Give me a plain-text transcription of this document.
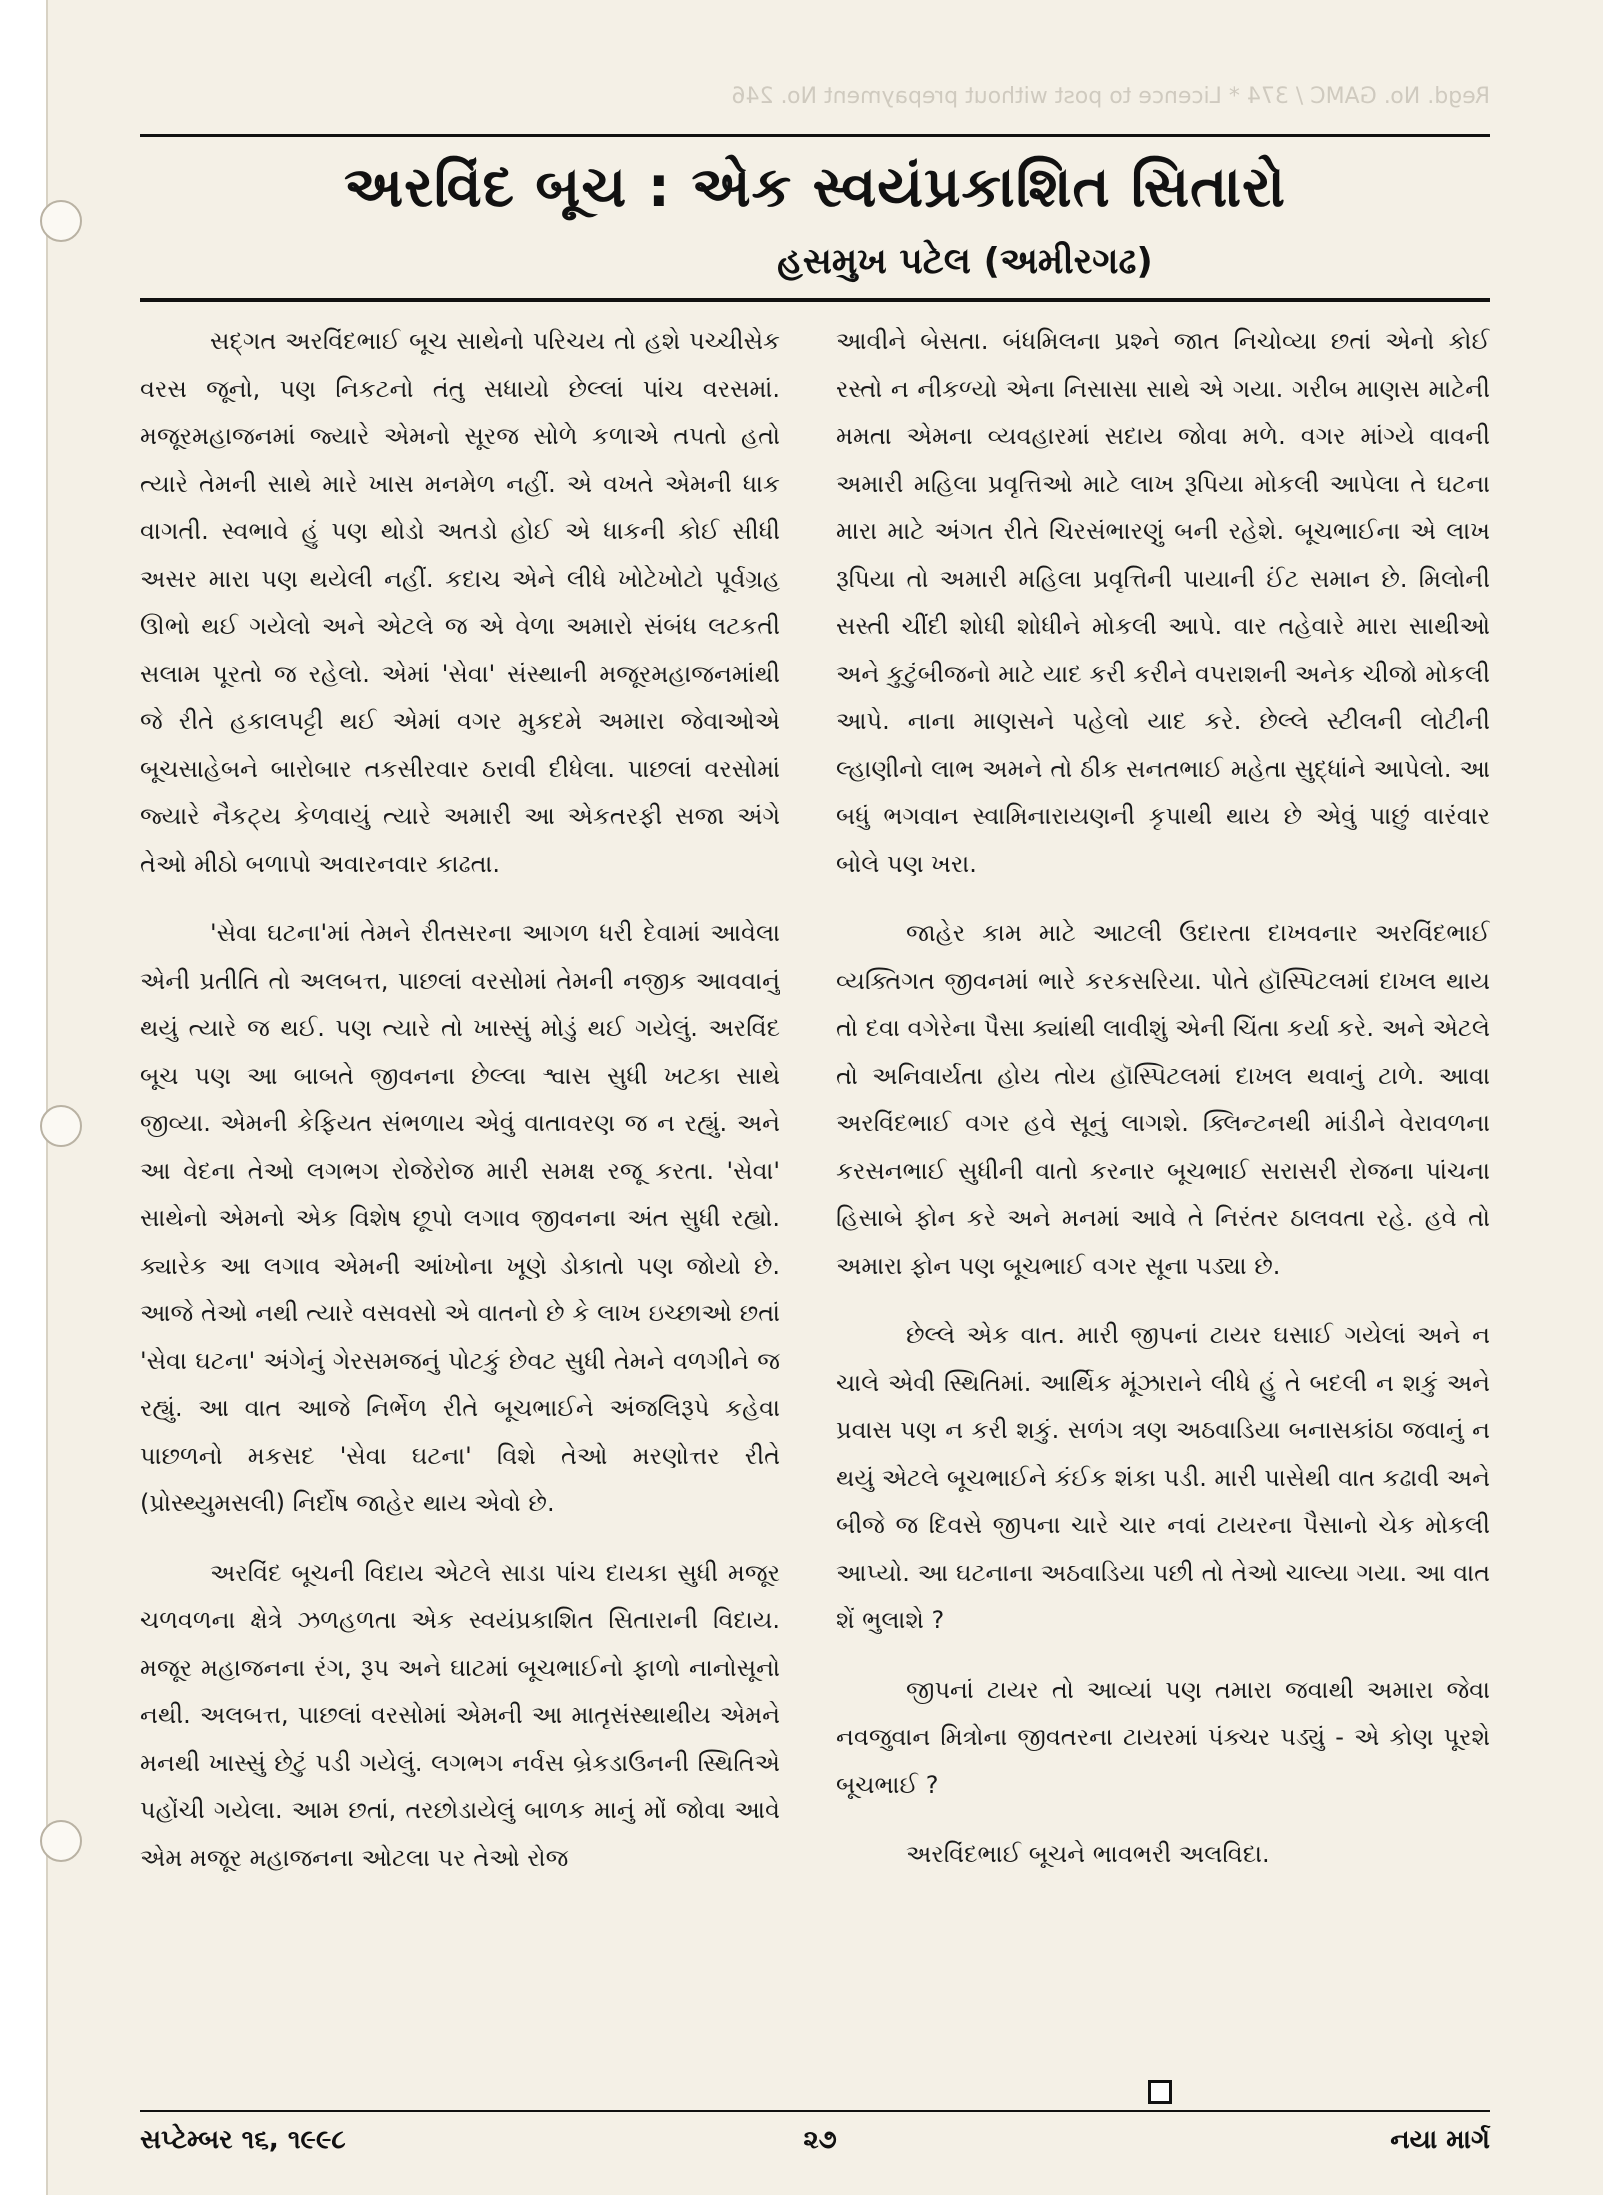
Regd. No. GAMC / 374 * Licence to post without prepayment No. 246
અરવિંદ બૂચ : એક સ્વયંપ્રકાશિત સિતારો
હસમુખ પટેલ (અમીરગઢ)

સદ્‌ગત અરવિંદભાઈ બૂચ સાથેનો પરિચય તો હશે પચ્ચીસેક વરસ જૂનો, પણ નિકટનો તંતુ સધાયો છેલ્લાં પાંચ વરસમાં. મજૂરમહાજનમાં જ્યારે એમનો સૂરજ સોળે કળાએ તપતો હતો ત્યારે તેમની સાથે મારે ખાસ મનમેળ નહીં. એ વખતે એમની ધાક વાગતી. સ્વભાવે હું પણ થોડો અતડો હોઈ એ ધાકની કોઈ સીધી અસર મારા પણ થયેલી નહીં. કદાચ એને લીધે ખોટેખોટો પૂર્વગ્રહ ઊભો થઈ ગયેલો અને એટલે જ એ વેળા અમારો સંબંધ લટકતી સલામ પૂરતો જ રહેલો. એમાં 'સેવા' સંસ્થાની મજૂરમહાજનમાંથી જે રીતે હકાલપટ્ટી થઈ એમાં વગર મુકદમે અમારા જેવાઓએ બૂચસાહેબને બારોબાર તકસીરવાર ઠરાવી દીધેલા. પાછલાં વરસોમાં જ્યારે નૈકટ્ય કેળવાયું ત્યારે અમારી આ એકતરફી સજા અંગે તેઓ મીઠો બળાપો અવારનવાર કાઢતા.

'સેવા ઘટના'માં તેમને રીતસરના આગળ ધરી દેવામાં આવેલા એની પ્રતીતિ તો અલબત્ત, પાછલાં વરસોમાં તેમની નજીક આવવાનું થયું ત્યારે જ થઈ. પણ ત્યારે તો ખાસ્સું મોડું થઈ ગયેલું. અરવિંદ બૂચ પણ આ બાબતે જીવનના છેલ્લા શ્વાસ સુધી ખટકા સાથે જીવ્યા. એમની કેફિયત સંભળાય એવું વાતાવરણ જ ન રહ્યું. અને આ વેદના તેઓ લગભગ રોજેરોજ મારી સમક્ષ રજૂ કરતા. 'સેવા' સાથેનો એમનો એક વિશેષ છૂપો લગાવ જીવનના અંત સુધી રહ્યો. ક્યારેક આ લગાવ એમની આંખોના ખૂણે ડોકાતો પણ જોયો છે. આજે તેઓ નથી ત્યારે વસવસો એ વાતનો છે કે લાખ ઇચ્છાઓ છતાં 'સેવા ઘટના' અંગેનું ગેરસમજનું પોટકું છેવટ સુધી તેમને વળગીને જ રહ્યું. આ વાત આજે નિર્ભેળ રીતે બૂચભાઈને અંજલિરૂપે કહેવા પાછળનો મકસદ 'સેવા ઘટના' વિશે તેઓ મરણોત્તર રીતે (પ્રોસ્થ્યુમસલી) નિર્દોષ જાહેર થાય એવો છે.

અરવિંદ બૂચની વિદાય એટલે સાડા પાંચ દાયકા સુધી મજૂર ચળવળના ક્ષેત્રે ઝળહળતા એક સ્વયંપ્રકાશિત સિતારાની વિદાય. મજૂર મહાજનના રંગ, રૂપ અને ઘાટમાં બૂચભાઈનો ફાળો નાનોસૂનો નથી. અલબત્ત, પાછલાં વરસોમાં એમની આ માતૃસંસ્થાથીય એમને મનથી ખાસ્સું છેટું પડી ગયેલું. લગભગ નર્વસ બ્રેકડાઉનની સ્થિતિએ પહોંચી ગયેલા. આમ છતાં, તરછોડાયેલું બાળક માનું મોં જોવા આવે એમ મજૂર મહાજનના ઓટલા પર તેઓ રોજ

આવીને બેસતા. બંધમિલના પ્રશ્ને જાત નિચોવ્યા છતાં એનો કોઈ રસ્તો ન નીકળ્યો એના નિસાસા સાથે એ ગયા. ગરીબ માણસ માટેની મમતા એમના વ્યવહારમાં સદાય જોવા મળે. વગર માંગ્યે વાવની અમારી મહિલા પ્રવૃત્તિઓ માટે લાખ રૂપિયા મોકલી આપેલા તે ઘટના મારા માટે અંગત રીતે ચિરસંભારણું બની રહેશે. બૂચભાઈના એ લાખ રૂપિયા તો અમારી મહિલા પ્રવૃત્તિની પાયાની ઈંટ સમાન છે. મિલોની સસ્તી ચીંદી શોધી શોધીને મોકલી આપે. વાર તહેવારે મારા સાથીઓ અને કુટુંબીજનો માટે યાદ કરી કરીને વપરાશની અનેક ચીજો મોકલી આપે. નાના માણસને પહેલો યાદ કરે. છેલ્લે સ્ટીલની લોટીની લ્હાણીનો લાભ અમને તો ઠીક સનતભાઈ મહેતા સુદ્ધાંને આપેલો. આ બધું ભગવાન સ્વામિનારાયણની કૃપાથી થાય છે એવું પાછું વારંવાર બોલે પણ ખરા.

જાહેર કામ માટે આટલી ઉદારતા દાખવનાર અરવિંદભાઈ વ્યક્તિગત જીવનમાં ભારે કરકસરિયા. પોતે હૉસ્પિટલમાં દાખલ થાય તો દવા વગેરેના પૈસા ક્યાંથી લાવીશું એની ચિંતા કર્યા કરે. અને એટલે તો અનિવાર્યતા હોય તોય હૉસ્પિટલમાં દાખલ થવાનું ટાળે. આવા અરવિંદભાઈ વગર હવે સૂનું લાગશે. ક્લિન્ટનથી માંડીને વેરાવળના કરસનભાઈ સુધીની વાતો કરનાર બૂચભાઈ સરાસરી રોજના પાંચના હિસાબે ફોન કરે અને મનમાં આવે તે નિરંતર ઠાલવતા રહે. હવે તો અમારા ફોન પણ બૂચભાઈ વગર સૂના પડ્યા છે.

છેલ્લે એક વાત. મારી જીપનાં ટાયર ઘસાઈ ગયેલાં અને ન ચાલે એવી સ્થિતિમાં. આર્થિક મૂંઝારાને લીધે હું તે બદલી ન શકું અને પ્રવાસ પણ ન કરી શકું. સળંગ ત્રણ અઠવાડિયા બનાસકાંઠા જવાનું ન થયું એટલે બૂચભાઈને કંઈક શંકા પડી. મારી પાસેથી વાત કઢાવી અને બીજે જ દિવસે જીપના ચારે ચાર નવાં ટાયરના પૈસાનો ચેક મોકલી આપ્યો. આ ઘટનાના અઠવાડિયા પછી તો તેઓ ચાલ્યા ગયા. આ વાત શેં ભુલાશે ?

જીપનાં ટાયર તો આવ્યાં પણ તમારા જવાથી અમારા જેવા નવજુવાન મિત્રોના જીવતરના ટાયરમાં પંક્ચર પડ્યું - એ કોણ પૂરશે બૂચભાઈ ?

અરવિંદભાઈ બૂચને ભાવભરી અલવિદા.

સપ્ટેમ્બર ૧૬, ૧૯૯૮	૨૭	નયા માર્ગ
